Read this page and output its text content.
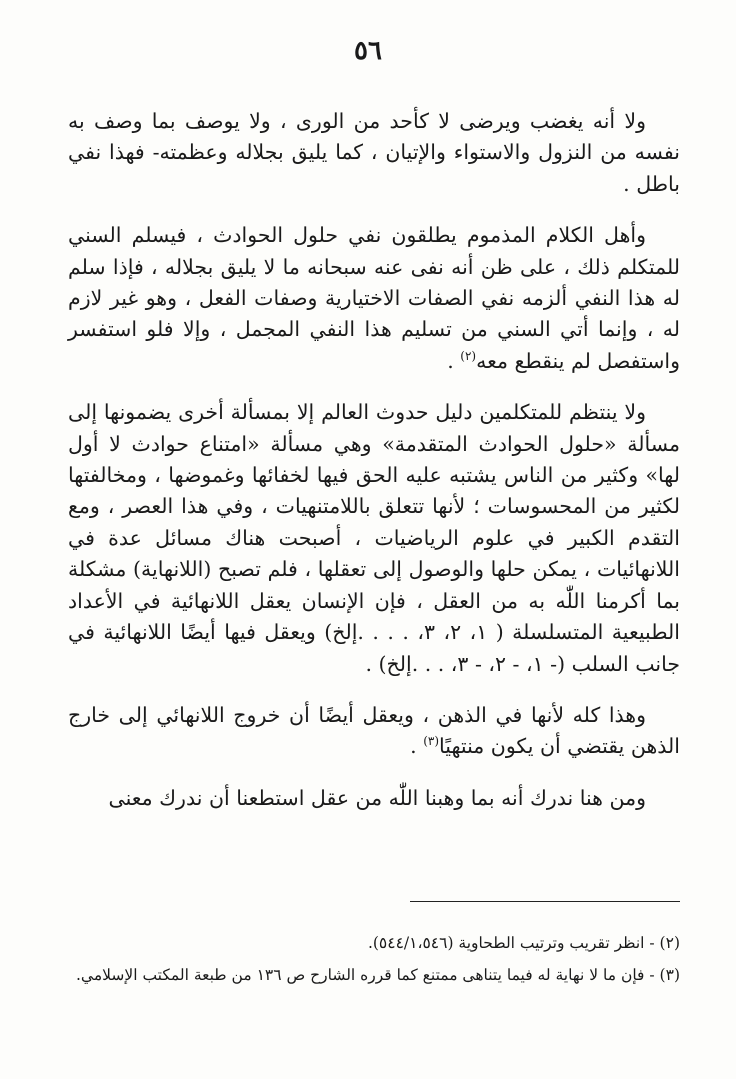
٥٦

ولا أنه يغضب ويرضى لا كأحد من الورى ، ولا يوصف بما وصف به نفسه من النزول والاستواء والإتيان ، كما يليق بجلاله وعظمته- فهذا نفي باطل .

وأهل الكلام المذموم يطلقون نفي حلول الحوادث ، فيسلم السني للمتكلم ذلك ، على ظن أنه نفى عنه سبحانه ما لا يليق بجلاله ، فإذا سلم له هذا النفي ألزمه نفي الصفات الاختيارية وصفات الفعل ، وهو غير لازم له ، وإنما أتي السني من تسليم هذا النفي المجمل ، وإلا فلو استفسر واستفصل لم ينقطع معه$^{(٢)}$ .

ولا ينتظم للمتكلمين دليل حدوث العالم إلا بمسألة أخرى يضمونها إلى مسألة «حلول الحوادث المتقدمة» وهي مسألة «امتناع حوادث لا أول لها» وكثير من الناس يشتبه عليه الحق فيها لخفائها وغموضها ، ومخالفتها لكثير من المحسوسات ؛ لأنها تتعلق باللامتنهيات ، وفي هذا العصر ، ومع التقدم الكبير في علوم الرياضيات ، أصبحت هناك مسائل عدة في اللانهائيات ، يمكن حلها والوصول إلى تعقلها ، فلم تصبح (اللانهاية) مشكلة بما أكرمنا اللّٰه به من العقل ، فإن الإنسان يعقل اللانهائية في الأعداد الطبيعية المتسلسلة ( ١، ٢، ٣، . . . .إلخ) ويعقل فيها أيضًا اللانهائية في جانب السلب (- ١، - ٢، - ٣، . . .إلخ) .

وهذا كله لأنها في الذهن ، ويعقل أيضًا أن خروج اللانهائي إلى خارج الذهن يقتضي أن يكون منتهيًا$^{(٣)}$ .

ومن هنا ندرك أنه بما وهبنا اللّٰه من عقل استطعنا أن ندرك معنى

(٢) - انظر تقريب وترتيب الطحاوية (٥٤٤/١،٥٤٦).

(٣) - فإن ما لا نهاية له فيما يتناهى ممتنع كما قرره الشارح ص ١٣٦ من طبعة المكتب الإسلامي.
